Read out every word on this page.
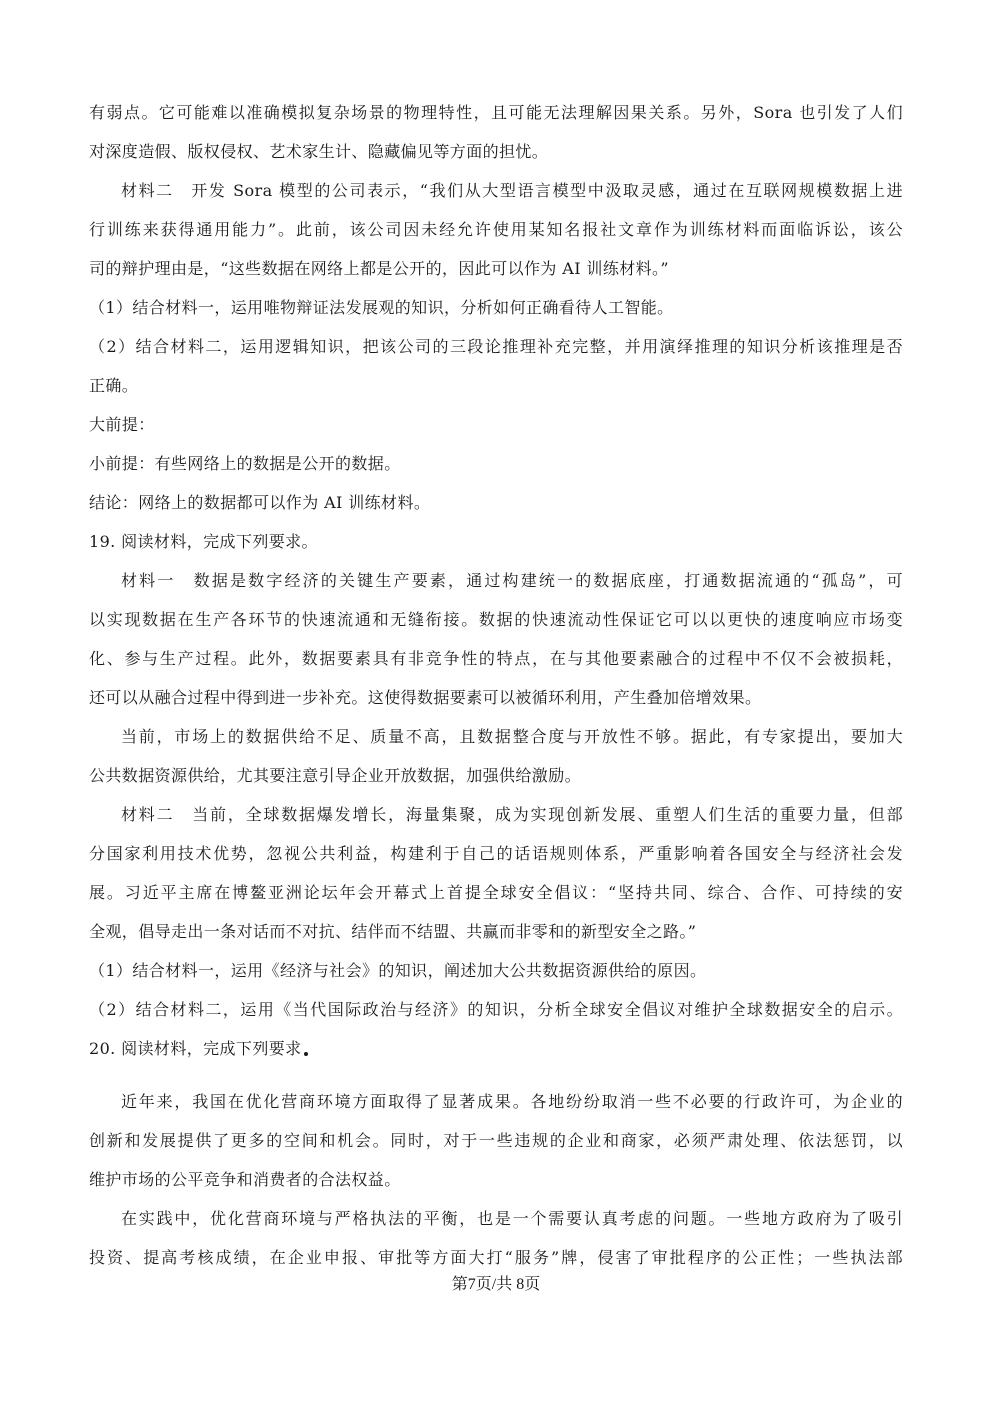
有弱点。它可能难以准确模拟复杂场景的物理特性，且可能无法理解因果关系。另外，Sora 也引发了人们
对深度造假、版权侵权、艺术家生计、隐藏偏见等方面的担忧。
材料二　开发 Sora 模型的公司表示，“我们从大型语言模型中汲取灵感，通过在互联网规模数据上进
行训练来获得通用能力”。此前，该公司因未经允许使用某知名报社文章作为训练材料而面临诉讼，该公
司的辩护理由是，“这些数据在网络上都是公开的，因此可以作为 AI 训练材料。”
（1）结合材料一，运用唯物辩证法发展观的知识，分析如何正确看待人工智能。
（2）结合材料二，运用逻辑知识，把该公司的三段论推理补充完整，并用演绎推理的知识分析该推理是否
正确。
大前提：
小前提：有些网络上的数据是公开的数据。
结论：网络上的数据都可以作为 AI 训练材料。
19. 阅读材料，完成下列要求。
材料一　数据是数字经济的关键生产要素，通过构建统一的数据底座，打通数据流通的“孤岛”，可
以实现数据在生产各环节的快速流通和无缝衔接。数据的快速流动性保证它可以以更快的速度响应市场变
化、参与生产过程。此外，数据要素具有非竞争性的特点，在与其他要素融合的过程中不仅不会被损耗，
还可以从融合过程中得到进一步补充。这使得数据要素可以被循环利用，产生叠加倍增效果。
当前，市场上的数据供给不足、质量不高，且数据整合度与开放性不够。据此，有专家提出，要加大
公共数据资源供给，尤其要注意引导企业开放数据，加强供给激励。
材料二　当前，全球数据爆发增长，海量集聚，成为实现创新发展、重塑人们生活的重要力量，但部
分国家利用技术优势，忽视公共利益，构建利于自己的话语规则体系，严重影响着各国安全与经济社会发
展。习近平主席在博鳌亚洲论坛年会开幕式上首提全球安全倡议：“坚持共同、综合、合作、可持续的安
全观，倡导走出一条对话而不对抗、结伴而不结盟、共赢而非零和的新型安全之路。”
（1）结合材料一，运用《经济与社会》的知识，阐述加大公共数据资源供给的原因。
（2）结合材料二，运用《当代国际政治与经济》的知识，分析全球安全倡议对维护全球数据安全的启示。
20. 阅读材料，完成下列要求
近年来，我国在优化营商环境方面取得了显著成果。各地纷纷取消一些不必要的行政许可，为企业的
创新和发展提供了更多的空间和机会。同时，对于一些违规的企业和商家，必须严肃处理、依法惩罚，以
维护市场的公平竞争和消费者的合法权益。
在实践中，优化营商环境与严格执法的平衡，也是一个需要认真考虑的问题。一些地方政府为了吸引
投资、提高考核成绩，在企业申报、审批等方面大打“服务”牌，侵害了审批程序的公正性；一些执法部
第7页/共 8页
